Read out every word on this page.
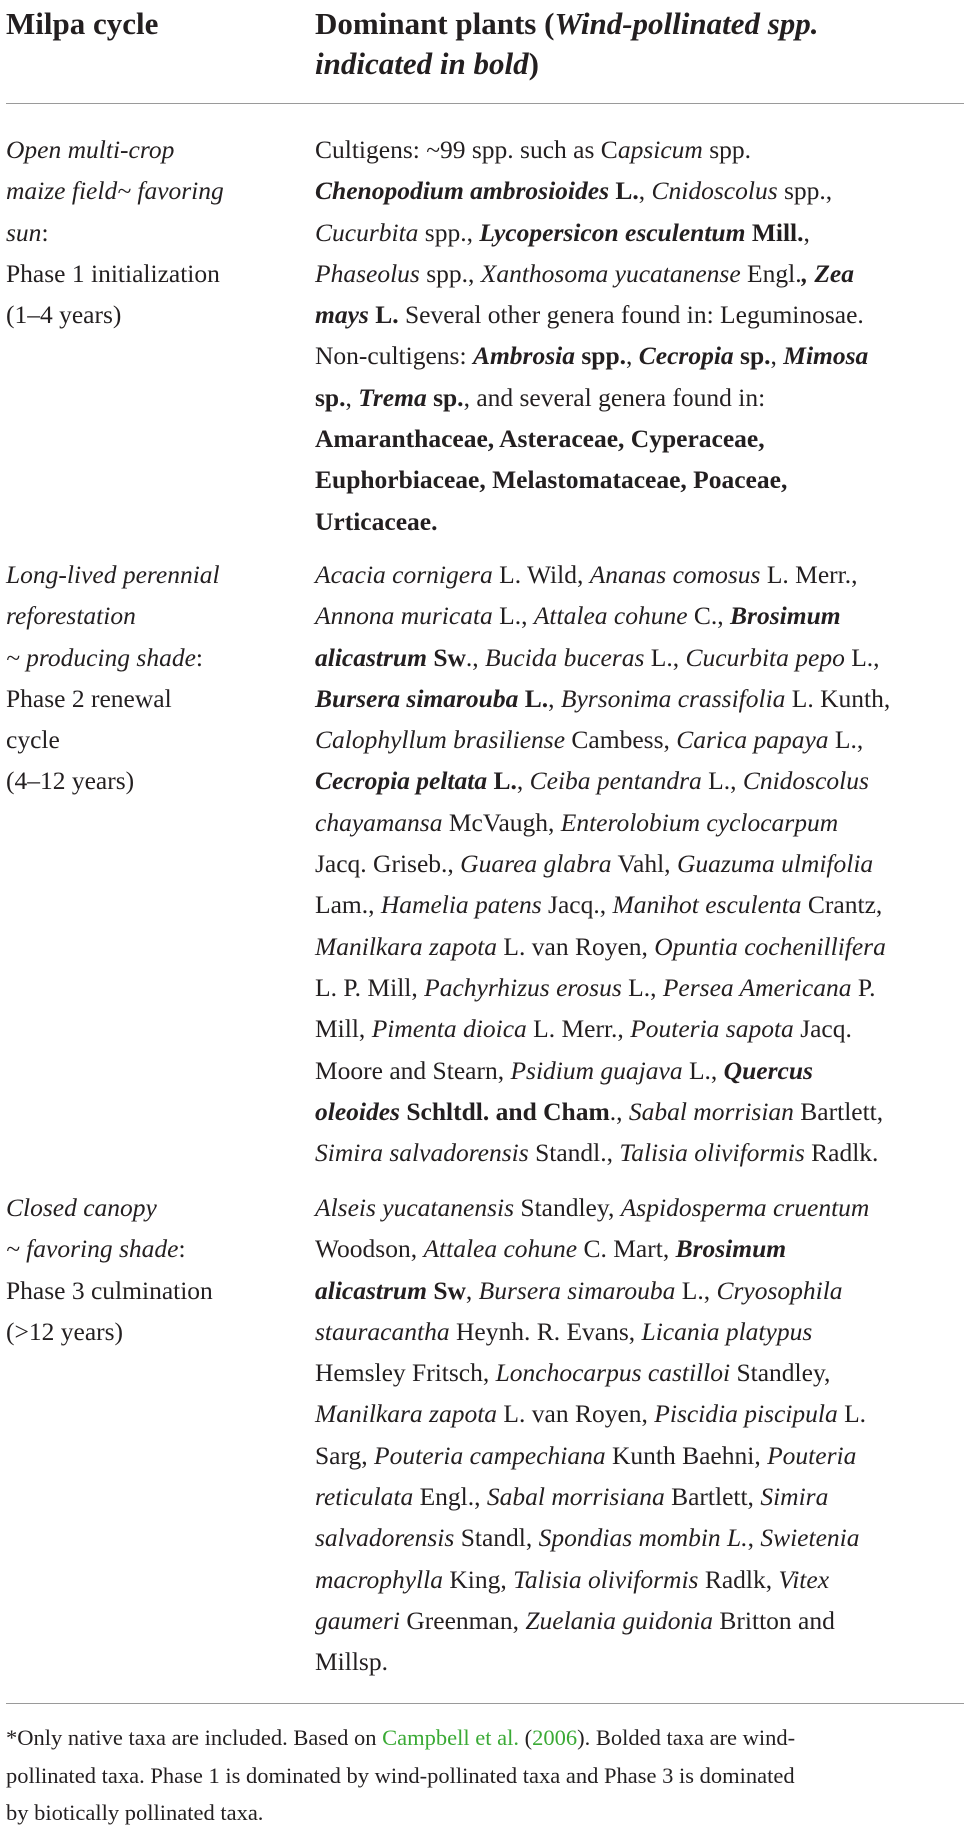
Milpa cycle	Dominant plants (Wind-pollinated spp.
indicated in bold)
Open multi-crop
maize field~ favoring
sun:
Phase 1 initialization
(1–4 years)
Cultigens: ~99 spp. such as Capsicum spp.
Chenopodium ambrosioides L., Cnidoscolus spp.,
Cucurbita spp., Lycopersicon esculentum Mill.,
Phaseolus spp., Xanthosoma yucatanense Engl., Zea
mays L. Several other genera found in: Leguminosae.
Non-cultigens: Ambrosia spp., Cecropia sp., Mimosa
sp., Trema sp., and several genera found in:
Amaranthaceae, Asteraceae, Cyperaceae,
Euphorbiaceae, Melastomataceae, Poaceae,
Urticaceae.
Long-lived perennial
reforestation
~ producing shade:
Phase 2 renewal
cycle
(4–12 years)
Acacia cornigera L. Wild, Ananas comosus L. Merr.,
Annona muricata L., Attalea cohune C., Brosimum
alicastrum Sw., Bucida buceras L., Cucurbita pepo L.,
Bursera simarouba L., Byrsonima crassifolia L. Kunth,
Calophyllum brasiliense Cambess, Carica papaya L.,
Cecropia peltata L., Ceiba pentandra L., Cnidoscolus
chayamansa McVaugh, Enterolobium cyclocarpum
Jacq. Griseb., Guarea glabra Vahl, Guazuma ulmifolia
Lam., Hamelia patens Jacq., Manihot esculenta Crantz,
Manilkara zapota L. van Royen, Opuntia cochenillifera
L. P. Mill, Pachyrhizus erosus L., Persea Americana P.
Mill, Pimenta dioica L. Merr., Pouteria sapota Jacq.
Moore and Stearn, Psidium guajava L., Quercus
oleoides Schltdl. and Cham., Sabal morrisian Bartlett,
Simira salvadorensis Standl., Talisia oliviformis Radlk.
Closed canopy
~ favoring shade:
Phase 3 culmination
(>12 years)
Alseis yucatanensis Standley, Aspidosperma cruentum
Woodson, Attalea cohune C. Mart, Brosimum
alicastrum Sw, Bursera simarouba L., Cryosophila
stauracantha Heynh. R. Evans, Licania platypus
Hemsley Fritsch, Lonchocarpus castilloi Standley,
Manilkara zapota L. van Royen, Piscidia piscipula L.
Sarg, Pouteria campechiana Kunth Baehni, Pouteria
reticulata Engl., Sabal morrisiana Bartlett, Simira
salvadorensis Standl, Spondias mombin L., Swietenia
macrophylla King, Talisia oliviformis Radlk, Vitex
gaumeri Greenman, Zuelania guidonia Britton and
Millsp.
*Only native taxa are included. Based on Campbell et al. (2006). Bolded taxa are wind-
pollinated taxa. Phase 1 is dominated by wind-pollinated taxa and Phase 3 is dominated
by biotically pollinated taxa.
